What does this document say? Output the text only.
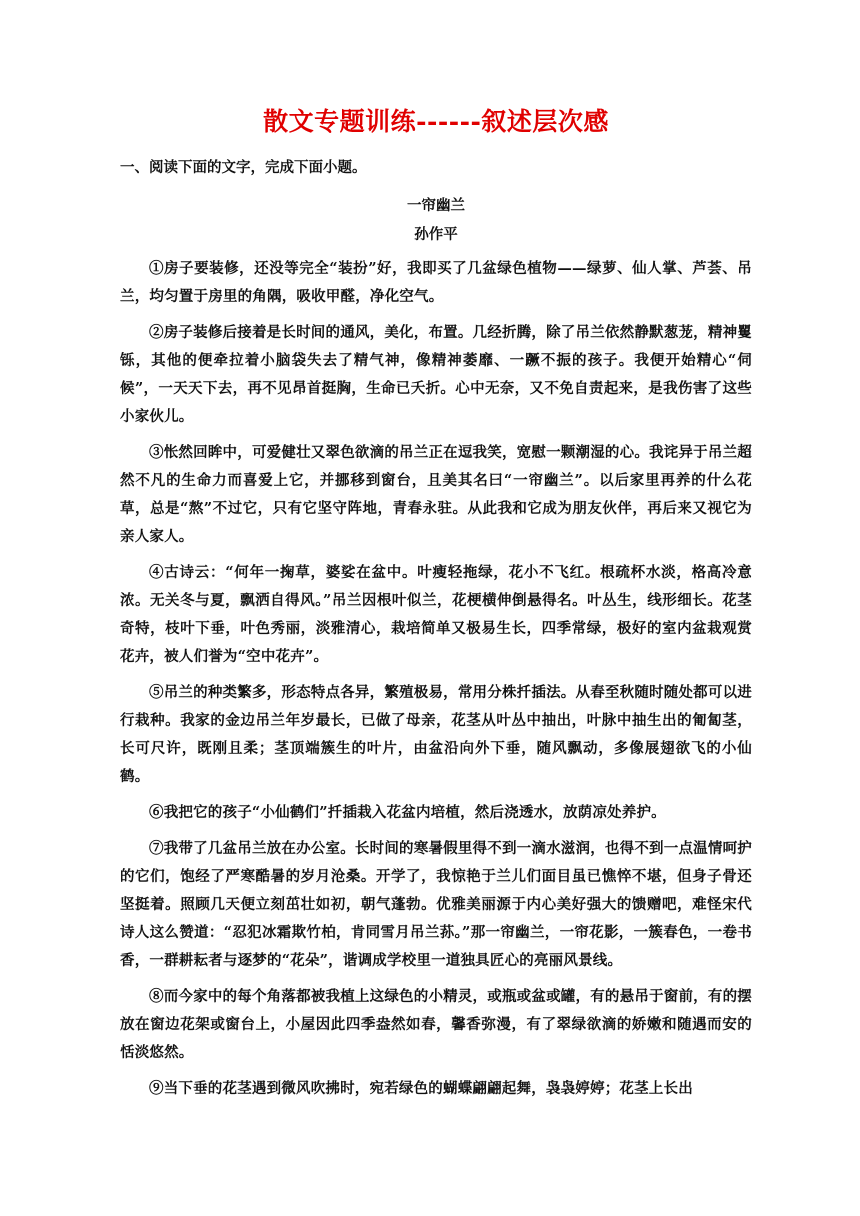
散文专题训练------叙述层次感
一、阅读下面的文字，完成下面小题。
一帘幽兰
孙作平

①房子要装修，还没等完全“装扮”好，我即买了几盆绿色植物——绿萝、仙人掌、芦荟、吊兰，均匀置于房里的角隅，吸收甲醛，净化空气。

②房子装修后接着是长时间的通风，美化，布置。几经折腾，除了吊兰依然静默葱茏，精神矍铄，其他的便牵拉着小脑袋失去了精气神，像精神萎靡、一蹶不振的孩子。我便开始精心“伺候”，一天天下去，再不见昂首挺胸，生命已夭折。心中无奈，又不免自责起来，是我伤害了这些小家伙儿。

③怅然回眸中，可爱健壮又翠色欲滴的吊兰正在逗我笑，宽慰一颗潮湿的心。我诧异于吊兰超然不凡的生命力而喜爱上它，并挪移到窗台，且美其名曰“一帘幽兰”。以后家里再养的什么花草，总是“熬”不过它，只有它坚守阵地，青春永驻。从此我和它成为朋友伙伴，再后来又视它为亲人家人。

④古诗云：“何年一掬草，婆娑在盆中。叶瘦轻拖绿，花小不飞红。根疏杯水淡，格高冷意浓。无关冬与夏，飘洒自得风。”吊兰因根叶似兰，花梗横伸倒悬得名。叶丛生，线形细长。花茎奇特，枝叶下垂，叶色秀丽，淡雅清心，栽培简单又极易生长，四季常绿，极好的室内盆栽观赏花卉，被人们誉为“空中花卉”。

⑤吊兰的种类繁多，形态特点各异，繁殖极易，常用分株扦插法。从春至秋随时随处都可以进行栽种。我家的金边吊兰年岁最长，已做了母亲，花茎从叶丛中抽出，叶脉中抽生出的匍匐茎，长可尺许，既刚且柔；茎顶端簇生的叶片，由盆沿向外下垂，随风飘动，多像展翅欲飞的小仙鹤。

⑥我把它的孩子“小仙鹤们”扦插栽入花盆内培植，然后浇透水，放荫凉处养护。

⑦我带了几盆吊兰放在办公室。长时间的寒暑假里得不到一滴水滋润，也得不到一点温情呵护的它们，饱经了严寒酷暑的岁月沧桑。开学了，我惊艳于兰儿们面目虽已憔悴不堪，但身子骨还坚挺着。照顾几天便立刻茁壮如初，朝气蓬勃。优雅美丽源于内心美好强大的馈赠吧，难怪宋代诗人这么赞道：“忍犯冰霜欺竹柏，肯同雪月吊兰荪。”那一帘幽兰，一帘花影，一簇春色，一卷书香，一群耕耘者与逐梦的“花朵”，谐调成学校里一道独具匠心的亮丽风景线。

⑧而今家中的每个角落都被我植上这绿色的小精灵，或瓶或盆或罐，有的悬吊于窗前，有的摆放在窗边花架或窗台上，小屋因此四季盎然如春，馨香弥漫，有了翠绿欲滴的娇嫩和随遇而安的恬淡悠然。

⑨当下垂的花茎遇到微风吹拂时，宛若绿色的蝴蝶翩翩起舞，袅袅婷婷；花茎上长出
